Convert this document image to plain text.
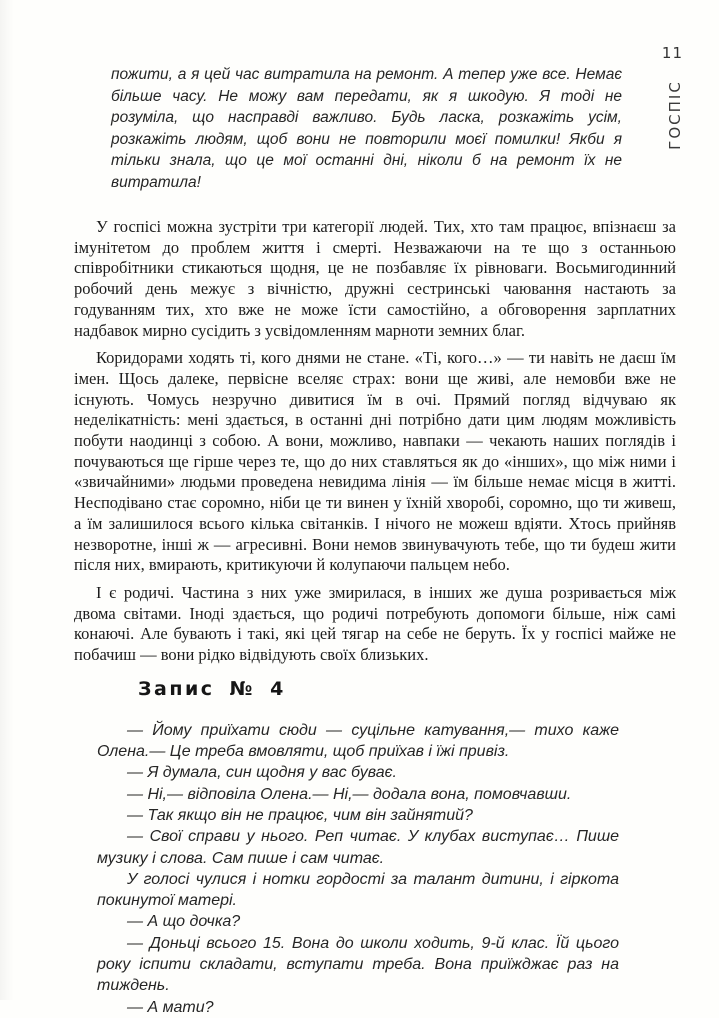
11
ГОСПІС

пожити, а я цей час витратила на ремонт. А тепер уже все. Немає більше часу. Не можу вам передати, як я шкодую. Я тоді не розуміла, що насправді важливо. Будь ласка, розкажіть усім, розкажіть людям, щоб вони не повторили моєї помилки! Якби я тільки знала, що це мої останні дні, ніколи б на ремонт їх не витратила!

У госпісі можна зустріти три категорії людей. Тих, хто там працює, впізнаєш за імунітетом до проблем життя і смерті. Незважаючи на те що з останньою співробітники стикаються щодня, це не позбавляє їх рівноваги. Восьмигодинний робочий день межує з вічністю, дружні сестринські чаювання настають за годуванням тих, хто вже не може їсти самостійно, а обговорення зарплатних надбавок мирно сусідить з усвідомленням марноти земних благ.

Коридорами ходять ті, кого днями не стане. «Ті, кого…» — ти навіть не даєш їм імен. Щось далеке, первісне вселяє страх: вони ще живі, але немовби вже не існують. Чомусь незручно дивитися їм в очі. Прямий погляд відчуваю як неделікатність: мені здається, в останні дні потрібно дати цим людям можливість побути наодинці з собою. А вони, можливо, навпаки — чекають наших поглядів і почуваються ще гірше через те, що до них ставляться як до «інших», що між ними і «звичайними» людьми проведена невидима лінія — їм більше немає місця в житті. Несподівано стає соромно, ніби це ти винен у їхній хворобі, соромно, що ти живеш, а їм залишилося всього кілька світанків. І нічого не можеш вдіяти. Хтось прийняв незворотне, інші ж — агресивні. Вони немов звинувачують тебе, що ти будеш жити після них, вмирають, критикуючи й колупаючи пальцем небо.

І є родичі. Частина з них уже змирилася, в інших же душа розривається між двома світами. Іноді здається, що родичі потребують допомоги більше, ніж самі конаючі. Але бувають і такі, які цей тягар на себе не беруть. Їх у госпісі майже не побачиш — вони рідко відвідують своїх близьких.

Запис № 4

— Йому приїхати сюди — суцільне катування,— тихо каже Олена.— Це треба вмовляти, щоб приїхав і їжі привіз.

— Я думала, син щодня у вас буває.

— Ні,— відповіла Олена.— Ні,— додала вона, помовчавши.

— Так якщо він не працює, чим він зайнятий?

— Свої справи у нього. Реп читає. У клубах виступає… Пише музику і слова. Сам пише і сам читає.

У голосі чулися і нотки гордості за талант дитини, і гіркота покинутої матері.

— А що дочка?

— Доньці всього 15. Вона до школи ходить, 9-й клас. Їй цього року іспити складати, вступати треба. Вона приїжджає раз на тиждень.

— А мати?
